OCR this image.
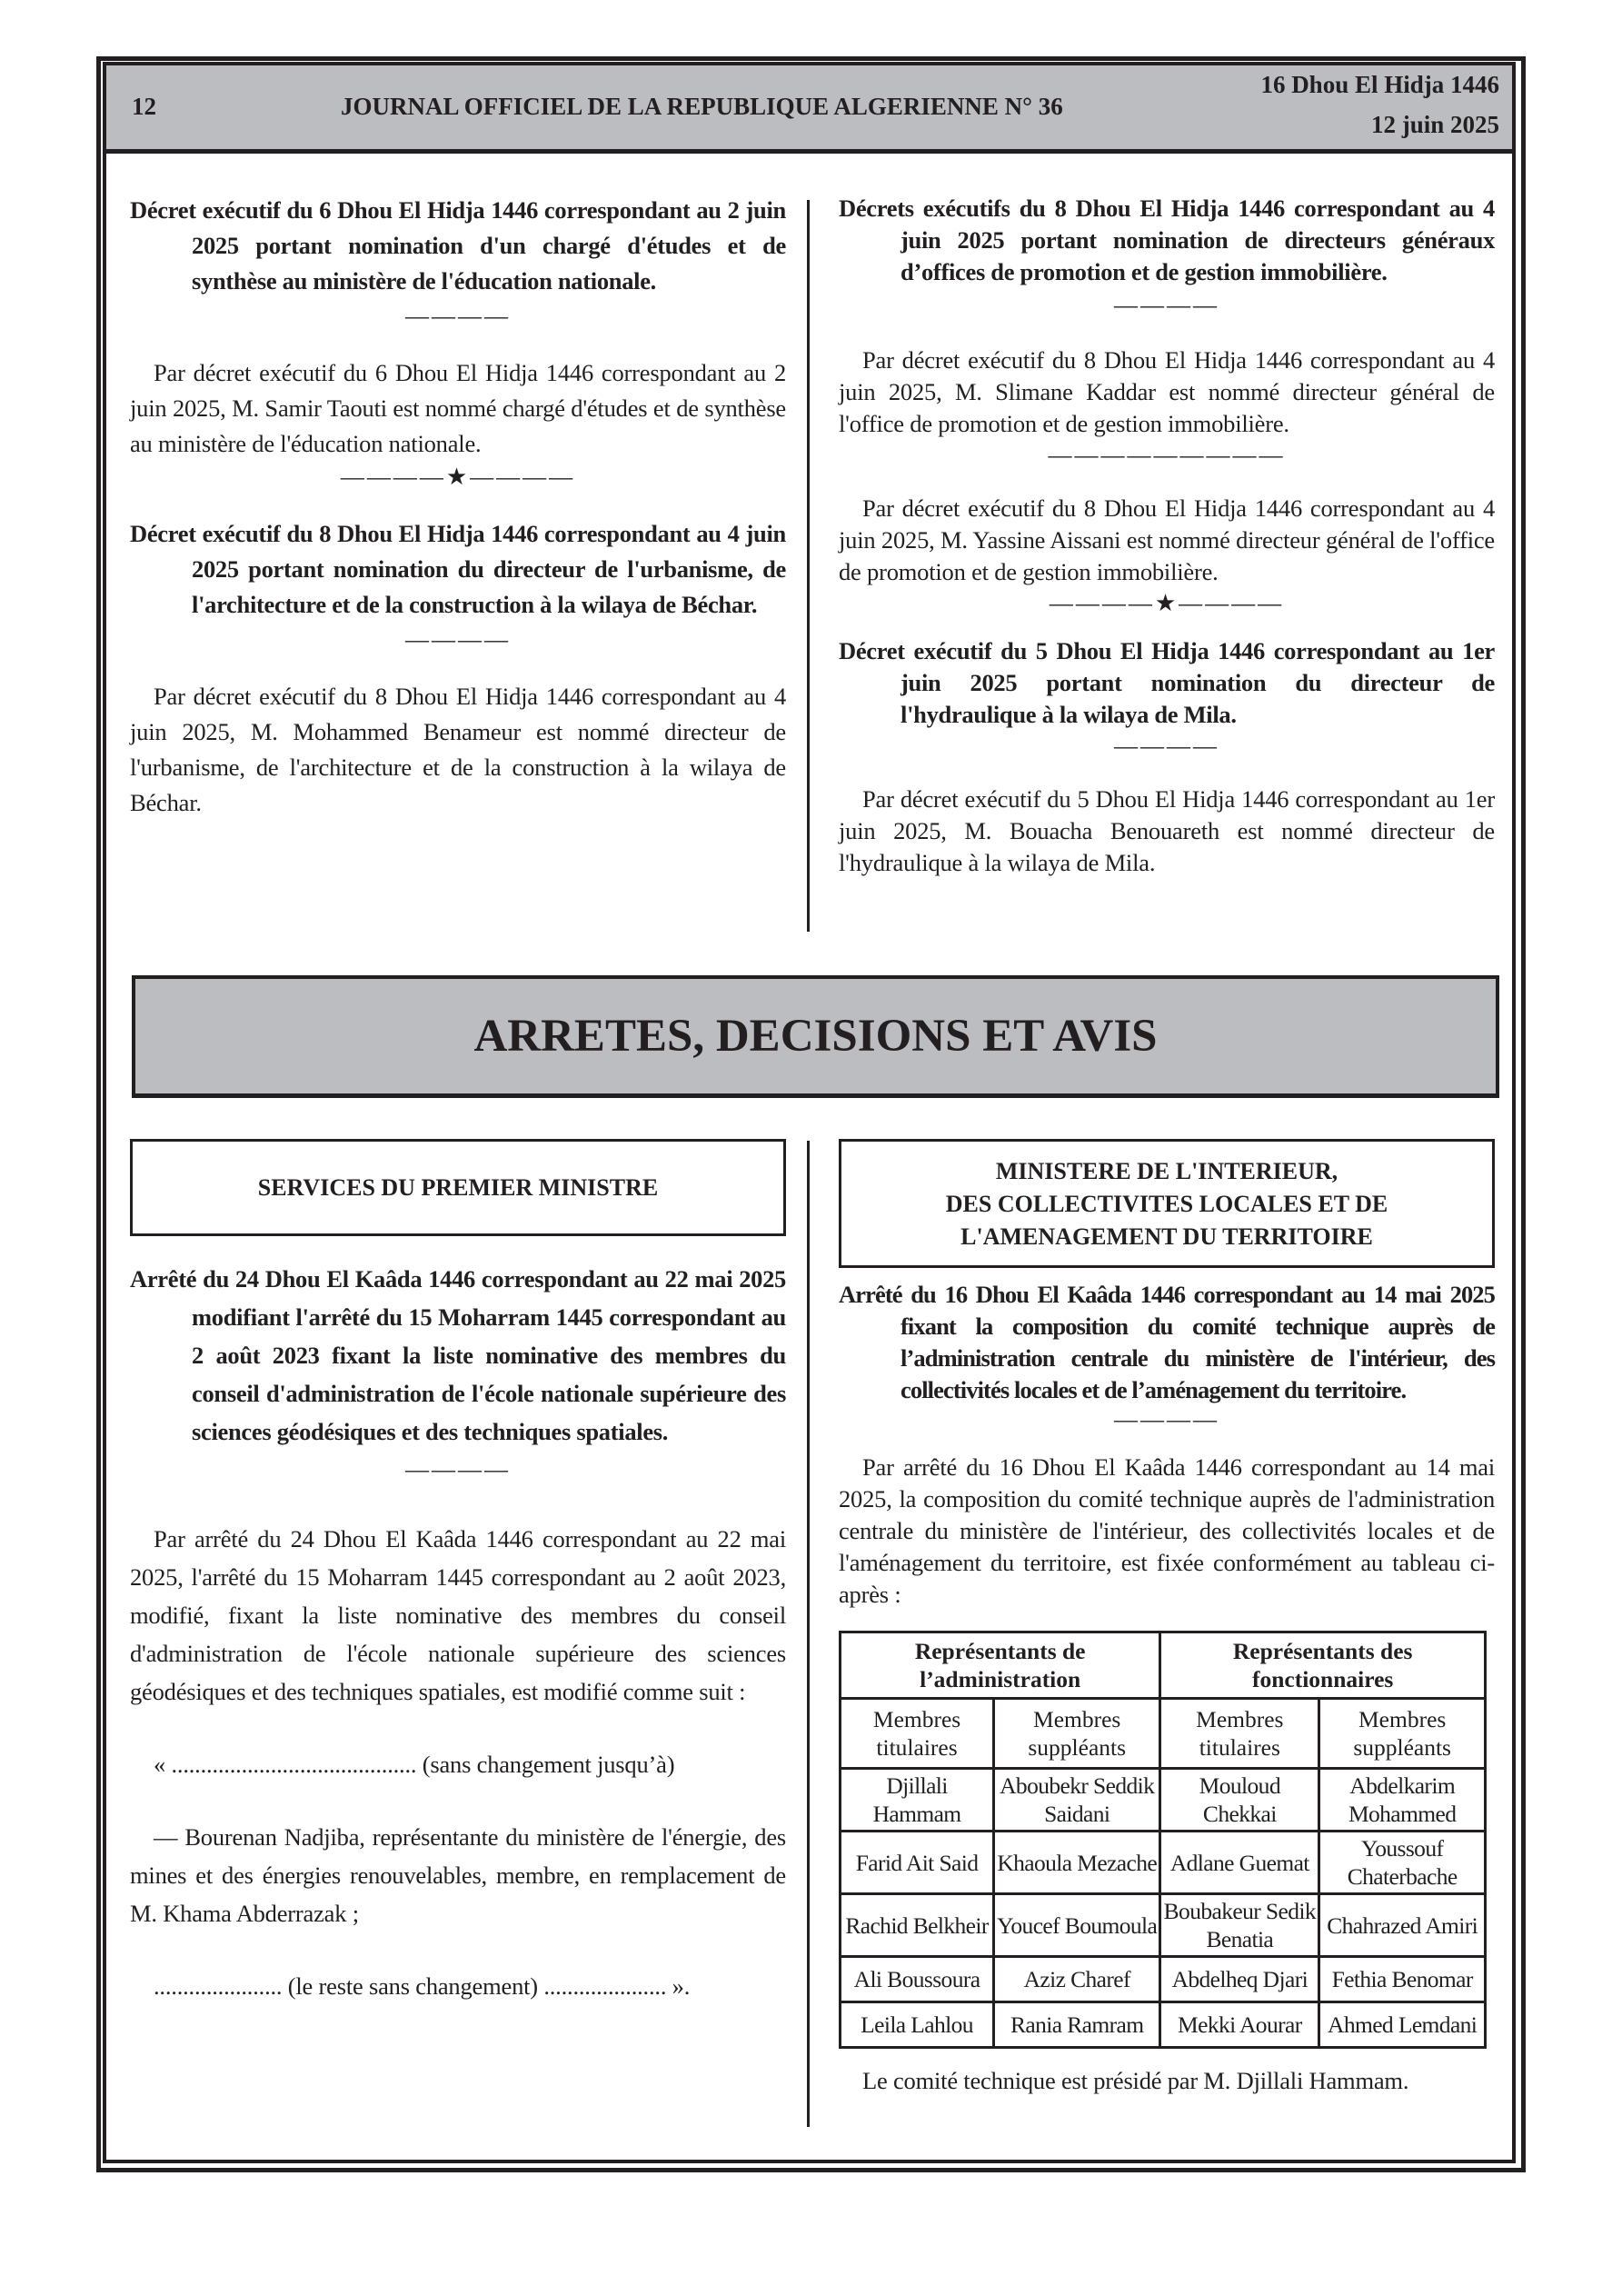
12	JOURNAL OFFICIEL DE LA REPUBLIQUE ALGERIENNE N° 36
16 Dhou El Hidja 1446
12 juin 2025

Décret exécutif du 6 Dhou El Hidja 1446 correspondant au 2 juin 2025 portant nomination d'un chargé d'études et de synthèse au ministère de l'éducation nationale.

————

Par décret exécutif du 6 Dhou El Hidja 1446 correspondant au 2 juin 2025, M. Samir Taouti est nommé chargé d'études et de synthèse au ministère de l'éducation nationale.

————★————

Décret exécutif du 8 Dhou El Hidja 1446 correspondant au 4 juin 2025 portant nomination du directeur de l'urbanisme, de l'architecture et de la construction à la wilaya de Béchar.

————

Par décret exécutif du 8 Dhou El Hidja 1446 correspondant au 4 juin 2025, M. Mohammed Benameur est nommé directeur de l'urbanisme, de l'architecture et de la construction à la wilaya de Béchar.

Décrets exécutifs du 8 Dhou El Hidja 1446 correspondant au 4 juin 2025 portant nomination de directeurs généraux d’offices de promotion et de gestion immobilière.

————

Par décret exécutif du 8 Dhou El Hidja 1446 correspondant au 4 juin 2025, M. Slimane Kaddar est nommé directeur général de l'office de promotion et de gestion immobilière.

—————————

Par décret exécutif du 8 Dhou El Hidja 1446 correspondant au 4 juin 2025, M. Yassine Aissani est nommé directeur général de l'office de promotion et de gestion immobilière.

————★————

Décret exécutif du 5 Dhou El Hidja 1446 correspondant au 1er juin 2025 portant nomination du directeur de l'hydraulique à la wilaya de Mila.

————

Par décret exécutif du 5 Dhou El Hidja 1446 correspondant au 1er juin 2025, M. Bouacha Benouareth est nommé directeur de l'hydraulique à la wilaya de Mila.

ARRETES, DECISIONS ET AVIS
SERVICES DU PREMIER MINISTRE

Arrêté du 24 Dhou El Kaâda 1446 correspondant au 22 mai 2025 modifiant l'arrêté du 15 Moharram 1445 correspondant au 2 août 2023 fixant la liste nominative des membres du conseil d'administration de l'école nationale supérieure des sciences géodésiques et des techniques spatiales.

————

Par arrêté du 24 Dhou El Kaâda 1446 correspondant au 22 mai 2025, l'arrêté du 15 Moharram 1445 correspondant au 2 août 2023, modifié, fixant la liste nominative des membres du conseil d'administration de l'école nationale supérieure des sciences géodésiques et des techniques spatiales, est modifié comme suit :

« .......................................... (sans changement jusqu’à)

— Bourenan Nadjiba, représentante du ministère de l'énergie, des mines et des énergies renouvelables, membre, en remplacement de M. Khama Abderrazak ;

...................... (le reste sans changement) ..................... ».

MINISTERE DE L'INTERIEUR,
DES COLLECTIVITES LOCALES ET DE
L'AMENAGEMENT DU TERRITOIRE

Arrêté du 16 Dhou El Kaâda 1446 correspondant au 14 mai 2025 fixant la composition du comité technique auprès de l’administration centrale du ministère de l'intérieur, des collectivités locales et de l’aménagement du territoire.

————

Par arrêté du 16 Dhou El Kaâda 1446 correspondant au 14 mai 2025, la composition du comité technique auprès de l'administration centrale du ministère de l'intérieur, des collectivités locales et de l'aménagement du territoire, est fixée conformément au tableau ci-après :

Représentants de l’administration		Représentants des fonctionnaires	
Membres titulaires	Membres suppléants	Membres titulaires	Membres suppléants
Djillali Hammam	Aboubekr Seddik Saidani	Mouloud Chekkai	Abdelkarim Mohammed
Farid Ait Said	Khaoula Mezache	Adlane Guemat	Youssouf Chaterbache
Rachid Belkheir	Youcef Boumoula	Boubakeur Sedik Benatia	Chahrazed Amiri
Ali Boussoura	Aziz Charef	Abdelheq Djari	Fethia Benomar
Leila Lahlou	Rania Ramram	Mekki Aourar	Ahmed Lemdani

Le comité technique est présidé par M. Djillali Hammam.
